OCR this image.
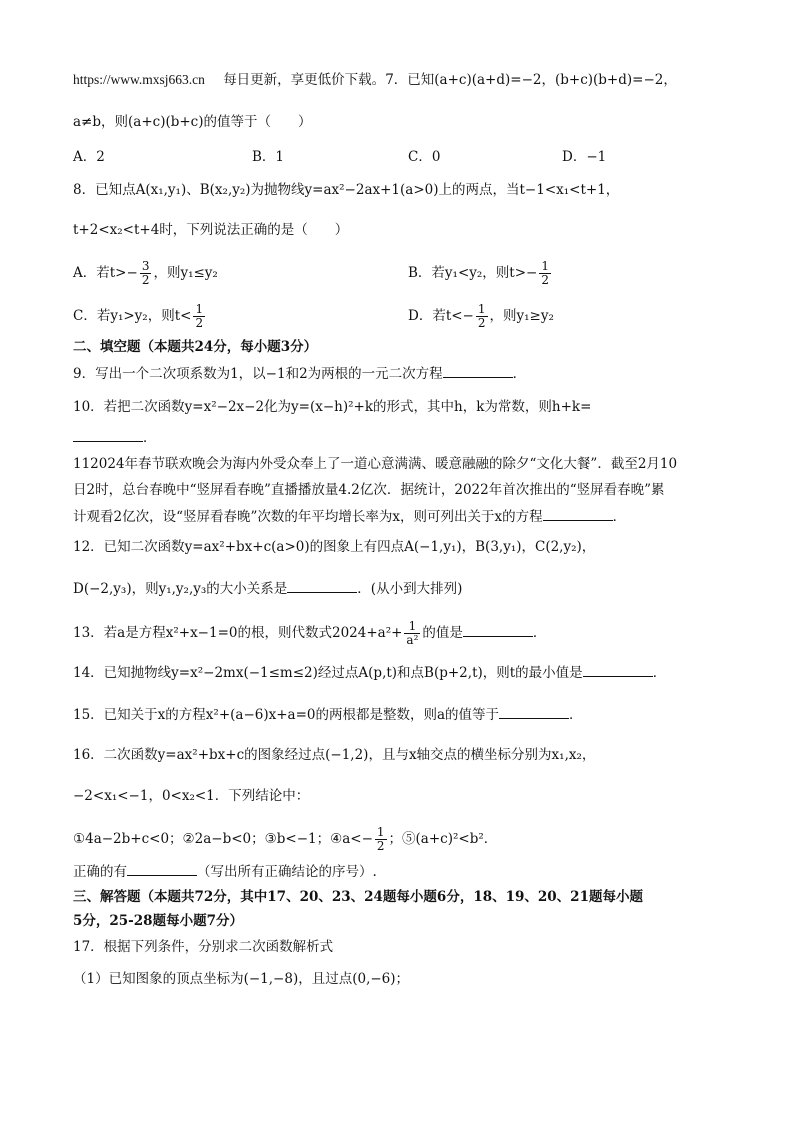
https://www.mxsj663.cn 每日更新，享更低价下载。7．已知(a+c)(a+d)=−2，(b+c)(b+d)=−2，
a≠b，则(a+c)(b+c)的值等于（　　）
A．2	B．1	C．0	D．−1
8．已知点A(x₁,y₁)、B(x₂,y₂)为抛物线y=ax²−2ax+1(a>0)上的两点，当t−1<x₁<t+1，
t+2<x₂<t+4时，下列说法正确的是（　　）
A．若$t>- \frac{3}{2}$ ，则y₁≤y₂	B．若y₁<y₂，则$t>- \frac{1}{2}$
C．若y₁>y₂，则$t< \frac{1}{2}$	D．若$t<- \frac{1}{2}$ ，则y₁≥y₂
二、填空题（本题共24分，每小题3分）
9．写出一个二次项系数为1，以−1和2为两根的一元二次方程	．
10．若把二次函数y=x²−2x−2化为y=(x−h)²+k的形式，其中h，k为常数，则h+k=
．
112024年春节联欢晚会为海内外受众奉上了一道心意满满、暖意融融的除夕“文化大餐”．截至2月10
日2时，总台春晚中“竖屏看春晚”直播播放量4.2亿次．据统计，2022年首次推出的“竖屏看春晚”累
计观看2亿次，设“竖屏看春晚”次数的年平均增长率为x，则可列出关于x的方程	．
12．已知二次函数y=ax²+bx+c(a>0)的图象上有四点A(−1,y₁)，B(3,y₁)，C(2,y₂)，
D(−2,y₃)，则y₁,y₂,y₃的大小关系是	．(从小到大排列)
13．若a是方程x²+x−1=0的根，则代数式$2024+a^2+ \frac{1}{\text{a²}}$ 的值是	．
14．已知抛物线y=x²−2mx(−1≤m≤2)经过点A(p,t)和点B(p+2,t)，则t的最小值是	．
15．已知关于x的方程x²+(a−6)x+a=0的两根都是整数，则a的值等于	．
16．二次函数y=ax²+bx+c的图象经过点(−1,2)，且与x轴交点的横坐标分别为x₁,x₂，
−2<x₁<−1，0<x₂<1．下列结论中：
①4a−2b+c<0；②2a−b<0；③b<−1；④a<− $\frac{1}{2}$ ；⑤(a+c)²<b²．
正确的有	（写出所有正确结论的序号）.
三、解答题（本题共72分，其中17、20、23、24题每小题6分，18、19、20、21题每小题
5分，25-28题每小题7分）
17．根据下列条件，分别求二次函数解析式
（1）已知图象的顶点坐标为(−1,−8)，且过点(0,−6)；
